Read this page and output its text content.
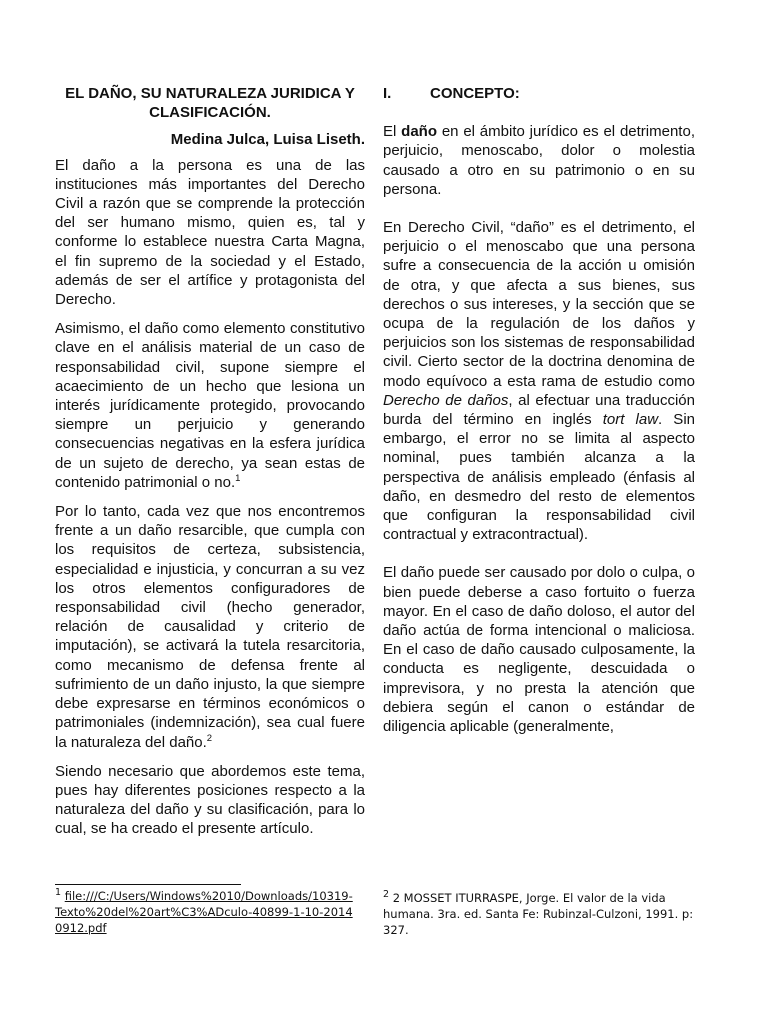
EL DAÑO, SU NATURALEZA JURIDICA Y CLASIFICACIÓN.

Medina Julca, Luisa Liseth.

El daño a la persona es una de las instituciones más importantes del Derecho Civil a razón que se comprende la protección del ser humano mismo, quien es, tal y conforme lo establece nuestra Carta Magna, el fin supremo de la sociedad y el Estado, además de ser el artífice y protagonista del Derecho.

Asimismo, el daño como elemento constitutivo clave en el análisis material de un caso de responsabilidad civil, supone siempre el acaecimiento de un hecho que lesiona un interés jurídicamente protegido, provocando siempre un perjuicio y generando consecuencias negativas en la esfera jurídica de un sujeto de derecho, ya sean estas de contenido patrimonial o no.$^1$

Por lo tanto, cada vez que nos encontremos frente a un daño resarcible, que cumpla con los requisitos de certeza, subsistencia, especialidad e injusticia, y concurran a su vez los otros elementos configuradores de responsabilidad civil (hecho generador, relación de causalidad y criterio de imputación), se activará la tutela resarcitoria, como mecanismo de defensa frente al sufrimiento de un daño injusto, la que siempre debe expresarse en términos económicos o patrimoniales (indemnización), sea cual fuere la naturaleza del daño.$^2$

Siendo necesario que abordemos este tema, pues hay diferentes posiciones respecto a la naturaleza del daño y su clasificación, para lo cual, se ha creado el presente artículo.

I.	CONCEPTO:

El daño en el ámbito jurídico es el detrimento, perjuicio, menoscabo, dolor o molestia causado a otro en su patrimonio o en su persona.

En Derecho Civil, “daño” es el detrimento, el perjuicio o el menoscabo que una persona sufre a consecuencia de la acción u omisión de otra, y que afecta a sus bienes, sus derechos o sus intereses, y la sección que se ocupa de la regulación de los daños y perjuicios son los sistemas de responsabilidad civil. Cierto sector de la doctrina denomina de modo equívoco a esta rama de estudio como Derecho de daños, al efectuar una traducción burda del término en inglés tort law. Sin embargo, el error no se limita al aspecto nominal, pues también alcanza a la perspectiva de análisis empleado (énfasis al daño, en desmedro del resto de elementos que configuran la responsabilidad civil contractual y extracontractual).

El daño puede ser causado por dolo o culpa, o bien puede deberse a caso fortuito o fuerza mayor. En el caso de daño doloso, el autor del daño actúa de forma intencional o maliciosa. En el caso de daño causado culposamente, la conducta es negligente, descuidada o imprevisora, y no presta la atención que debiera según el canon o estándar de diligencia aplicable (generalmente,

$^1$ file:///C:/Users/Windows%2010/Downloads/10319-Texto%20del%20art%C3%ADculo-40899-1-10-20140912.pdf
$^2$ 2 MOSSET ITURRASPE, Jorge. El valor de la vida humana. 3ra. ed. Santa Fe: Rubinzal-Culzoni, 1991. p: 327.
